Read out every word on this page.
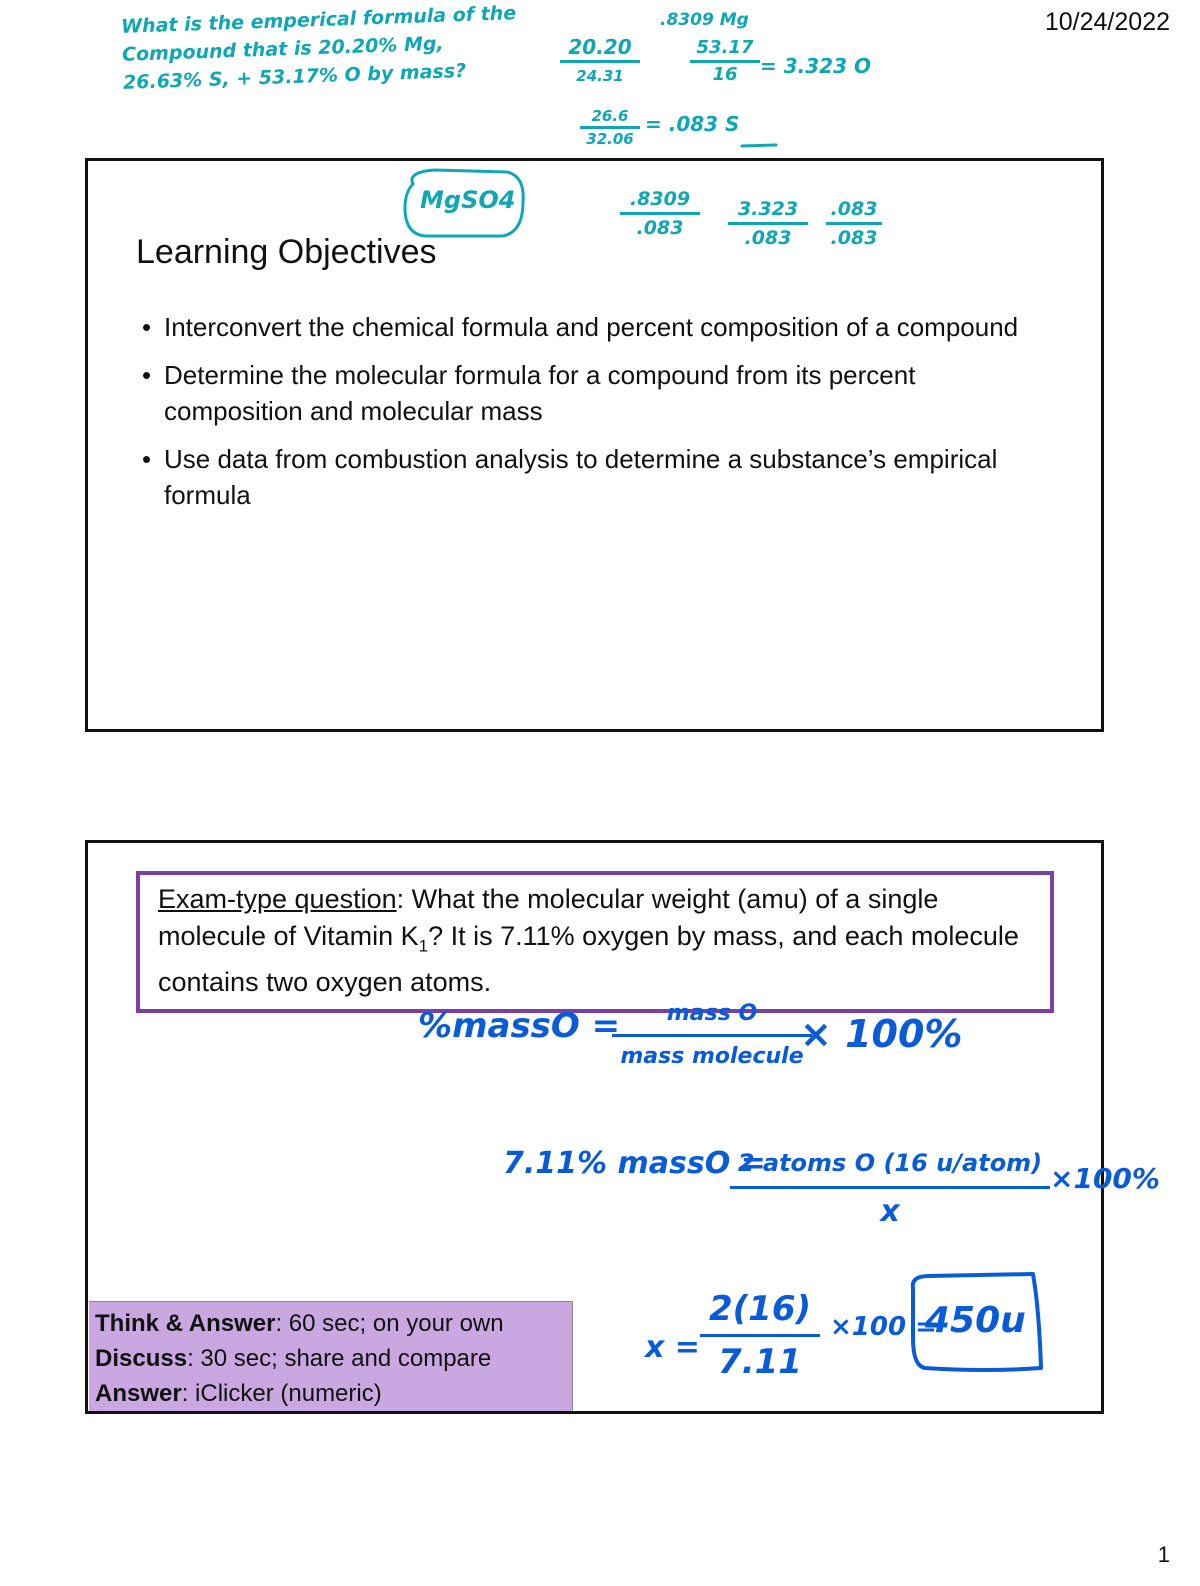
10/24/2022
1
What is the emperical formula of the
Compound that is 20.20% Mg,
26.63% S, + 53.17% O by mass?
20.20
24.31
.8309 Mg
$\frac{53.17}{16} = 3.323$ O
$\frac{26.6}{32.06} = .083$ S
Learning Objectives
• Interconvert the chemical formula and percent composition of a compound
• Determine the molecular formula for a compound from its percent composition and molecular mass
• Use data from combustion analysis to determine a substance’s empirical formula
MgSO4	$\frac{.8309}{.083} \frac{3.323}{.083} \frac{.083}{.083}$
Exam-type question: What the molecular weight (amu) of a single molecule of Vitamin $K_1$? It is 7.11% oxygen by mass, and each molecule contains two oxygen atoms.
Think & Answer: 60 sec; on your own
Discuss: 30 sec; share and compare
Answer: iClicker (numeric)
%massO =	mass O
mass molecule
× 100%
7.11% massO =
2 atoms O (16 u/atom)
x
×100%
$x = \frac{2(16)}{7.11} \times 100$ =
450u
